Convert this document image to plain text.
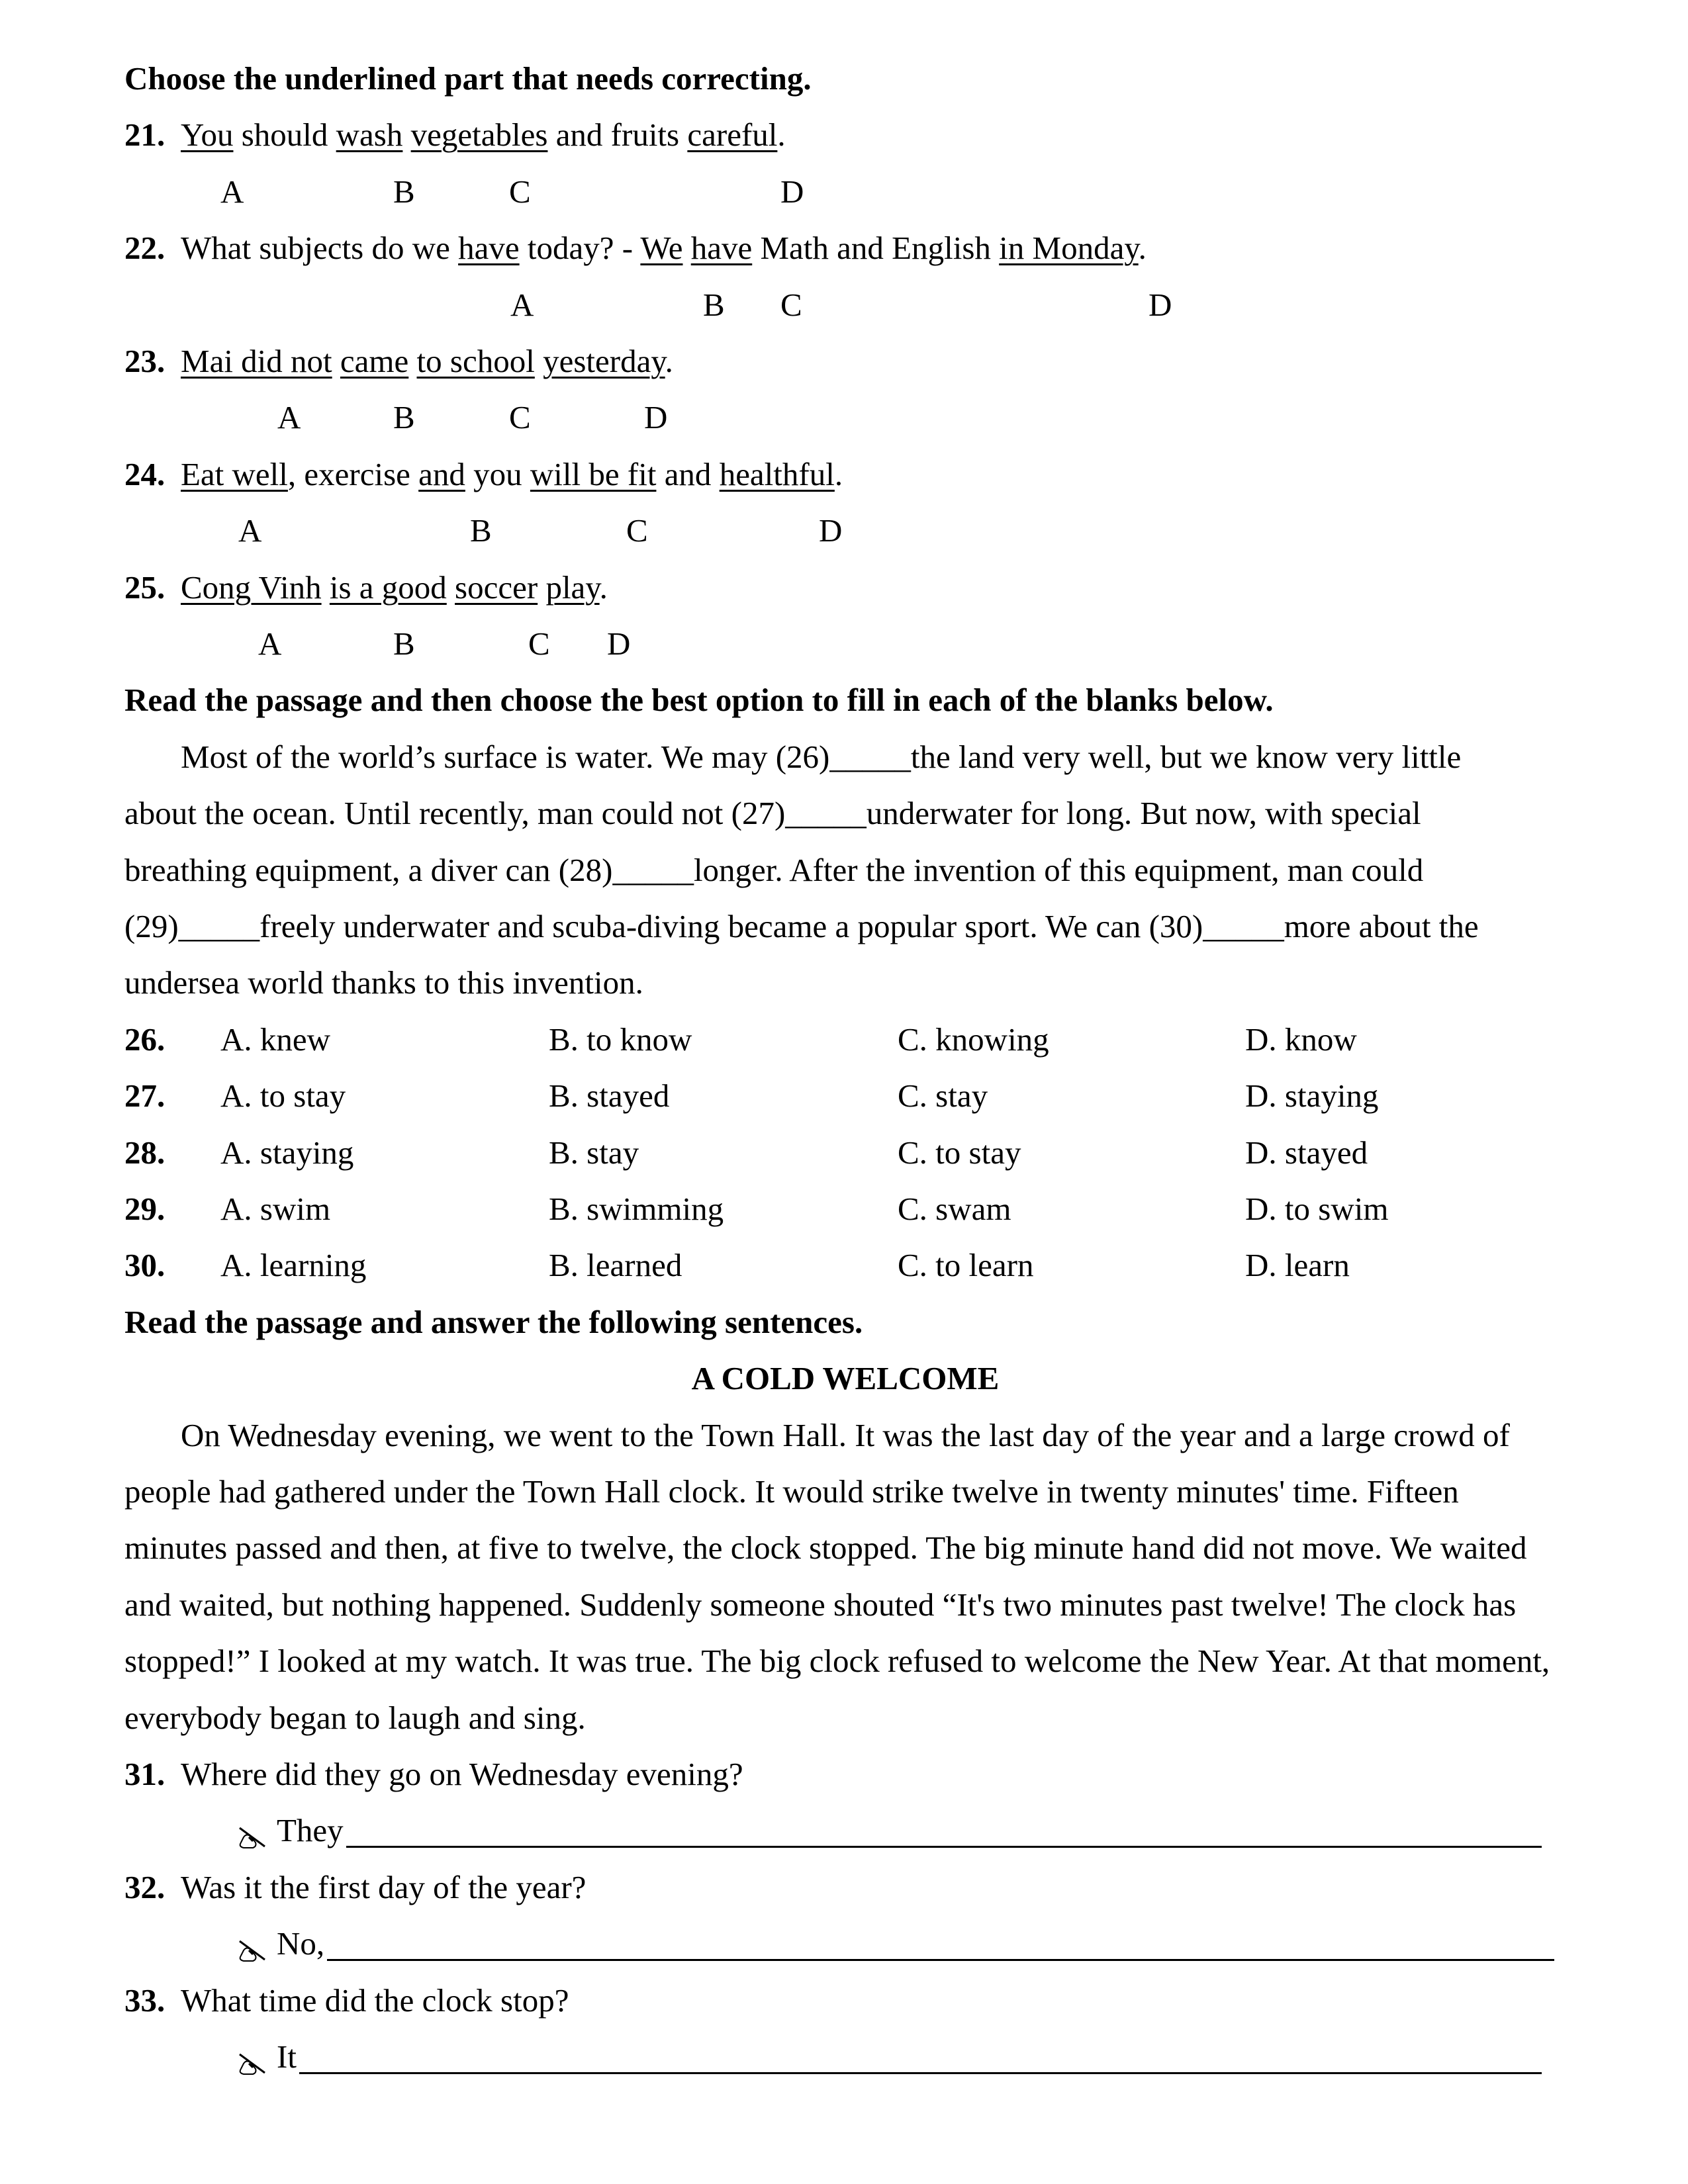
Choose the underlined part that needs correcting.
21. You should wash vegetables and fruits careful.
A	B	C	D
22. What subjects do we have today? - We have Math and English in Monday.
A	B C	D
23. Mai did not came to school yesterday.
A	B	C	D
24. Eat well, exercise and you will be fit and healthful.
A	B	C	D
25. Cong Vinh is a good soccer play.
A	B	C D
Read the passage and then choose the best option to fill in each of the blanks below.
Most of the world’s surface is water. We may (26)_____the land very well, but we know very little
about the ocean. Until recently, man could not (27)_____underwater for long. But now, with special
breathing equipment, a diver can (28)_____longer. After the invention of this equipment, man could
(29)_____freely underwater and scuba-diving became a popular sport. We can (30)_____more about the
undersea world thanks to this invention.
26. A. knew	B. to know	C. knowing	D. know
27. A. to stay	B. stayed	C. stay	D. staying
28. A. staying	B. stay	C. to stay	D. stayed
29. A. swim	B. swimming	C. swam	D. to swim
30. A. learning	B. learned	C. to learn	D. learn
Read the passage and answer the following sentences.
A COLD WELCOME
On Wednesday evening, we went to the Town Hall. It was the last day of the year and a large crowd of
people had gathered under the Town Hall clock. It would strike twelve in twenty minutes' time. Fifteen
minutes passed and then, at five to twelve, the clock stopped. The big minute hand did not move. We waited
and waited, but nothing happened. Suddenly someone shouted “It's two minutes past twelve! The clock has
stopped!” I looked at my watch. It was true. The big clock refused to welcome the New Year. At that moment,
everybody began to laugh and sing.
31. Where did they go on Wednesday evening?
They
32. Was it the first day of the year?
No,
33. What time did the clock stop?
It
